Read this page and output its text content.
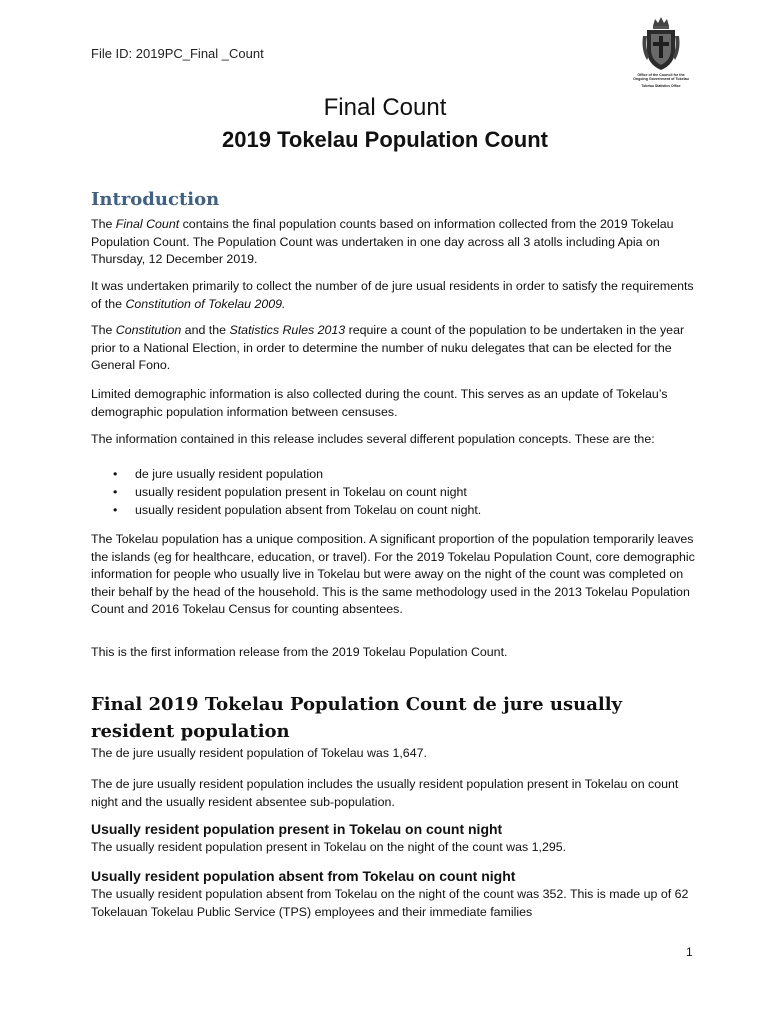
File ID: 2019PC_Final _Count
Office of the Council for the
Ongoing Government of Tokelau
Tokelau Statistics Office
Final Count
2019 Tokelau Population Count
Introduction
The Final Count contains the final population counts based on information collected from the 2019 Tokelau Population Count. The Population Count was undertaken in one day across all 3 atolls including Apia on Thursday, 12 December 2019.
It was undertaken primarily to collect the number of de jure usual residents in order to satisfy the requirements of the Constitution of Tokelau 2009.
The Constitution and the Statistics Rules 2013 require a count of the population to be undertaken in the year prior to a National Election, in order to determine the number of nuku delegates that can be elected for the General Fono.
Limited demographic information is also collected during the count. This serves as an update of Tokelau’s demographic population information between censuses.
The information contained in this release includes several different population concepts. These are the:
• de jure usually resident population
• usually resident population present in Tokelau on count night
• usually resident population absent from Tokelau on count night.
The Tokelau population has a unique composition. A significant proportion of the population temporarily leaves the islands (eg for healthcare, education, or travel). For the 2019 Tokelau Population Count, core demographic information for people who usually live in Tokelau but were away on the night of the count was completed on their behalf by the head of the household. This is the same methodology used in the 2013 Tokelau Population Count and 2016 Tokelau Census for counting absentees.
This is the first information release from the 2019 Tokelau Population Count.
Final 2019 Tokelau Population Count de jure usually resident population
The de jure usually resident population of Tokelau was 1,647.
The de jure usually resident population includes the usually resident population present in Tokelau on count night and the usually resident absentee sub-population.
Usually resident population present in Tokelau on count night
The usually resident population present in Tokelau on the night of the count was 1,295.
Usually resident population absent from Tokelau on count night
The usually resident population absent from Tokelau on the night of the count was 352. This is made up of 62 Tokelauan Tokelau Public Service (TPS) employees and their immediate families
1
